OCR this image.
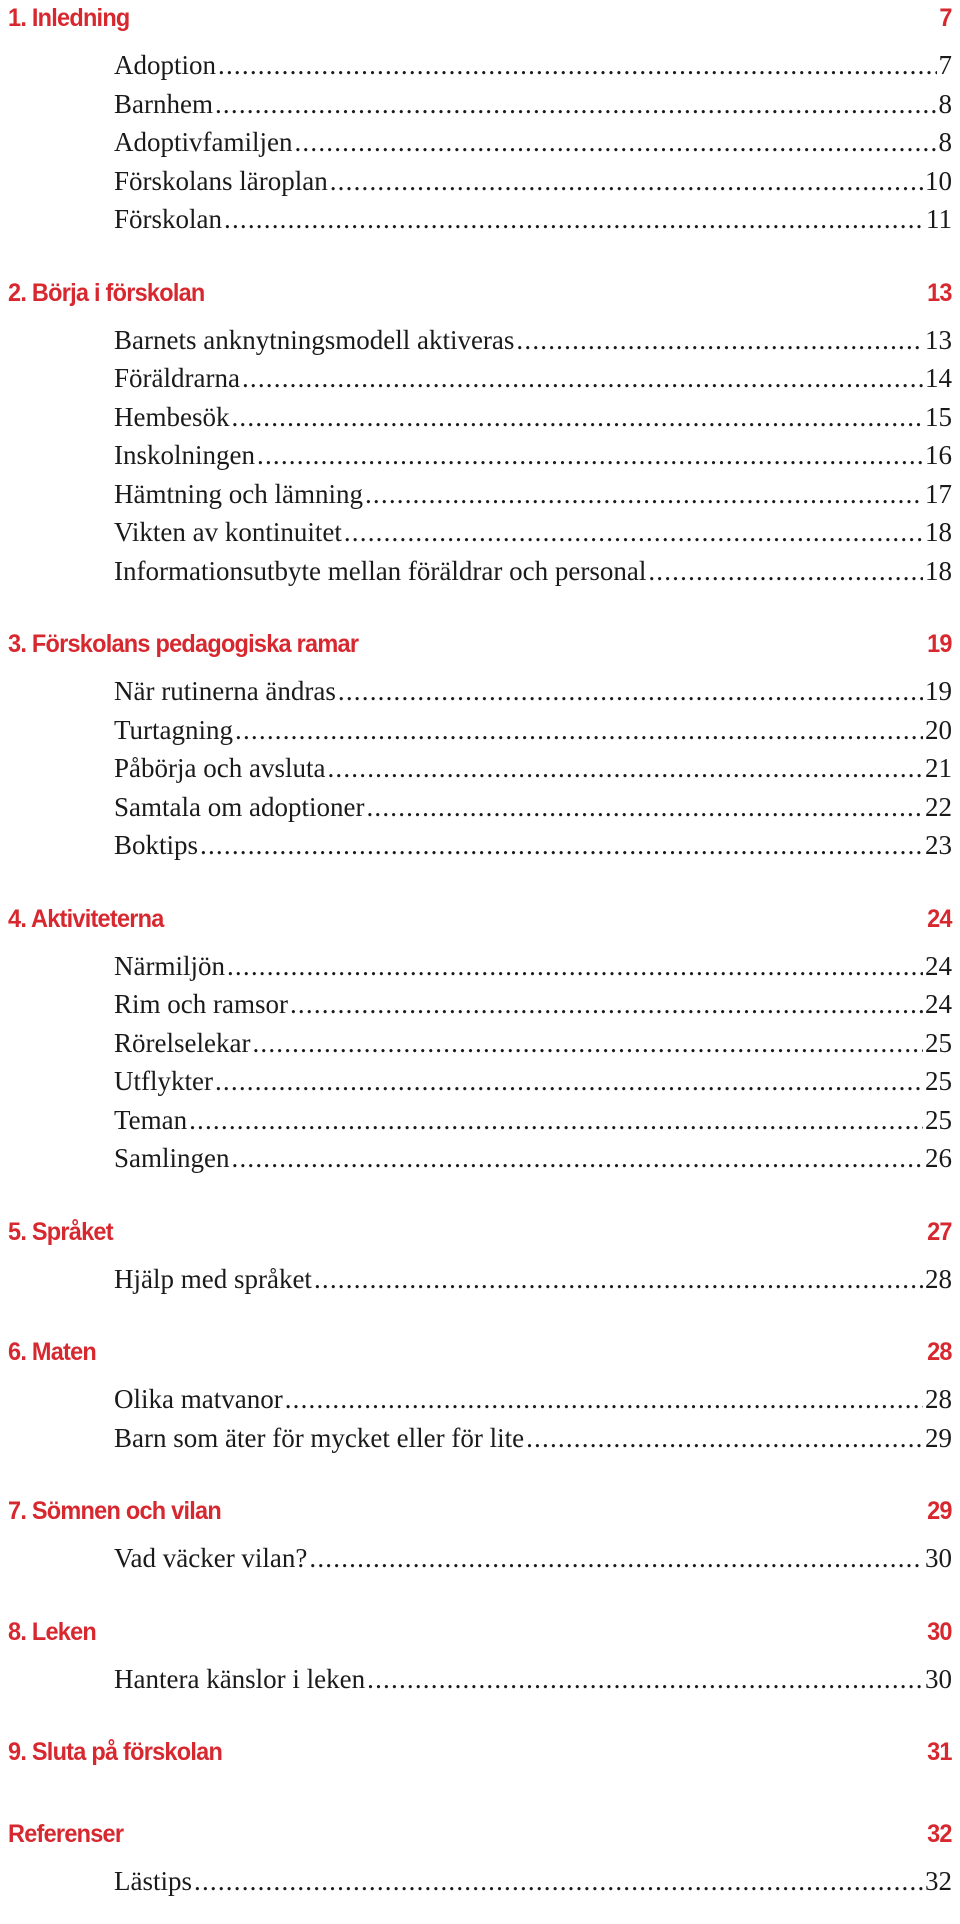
1. Inledning	7
Adoption .....	7
Barnhem .....	8
Adoptivfamiljen .....	8
Förskolans läroplan .....	10
Förskolan .....	11
2. Börja i förskolan	13
Barnets anknytningsmodell aktiveras .....	13
Föräldrarna .....	14
Hembesök .....	15
Inskolningen .....	16
Hämtning och lämning .....	17
Vikten av kontinuitet .....	18
Informationsutbyte mellan föräldrar och personal .....	18
3. Förskolans pedagogiska ramar	19
När rutinerna ändras .....	19
Turtagning .....	20
Påbörja och avsluta .....	21
Samtala om adoptioner .....	22
Boktips .....	23
4. Aktiviteterna	24
Närmiljön .....	24
Rim och ramsor .....	24
Rörelselekar .....	25
Utflykter .....	25
Teman .....	25
Samlingen .....	26
5. Språket	27
Hjälp med språket .....	28
6. Maten	28
Olika matvanor .....	28
Barn som äter för mycket eller för lite .....	29
7. Sömnen och vilan	29
Vad väcker vilan? .....	30
8. Leken	30
Hantera känslor i leken .....	30
9. Sluta på förskolan	31
Referenser	32
Lästips .....	32
